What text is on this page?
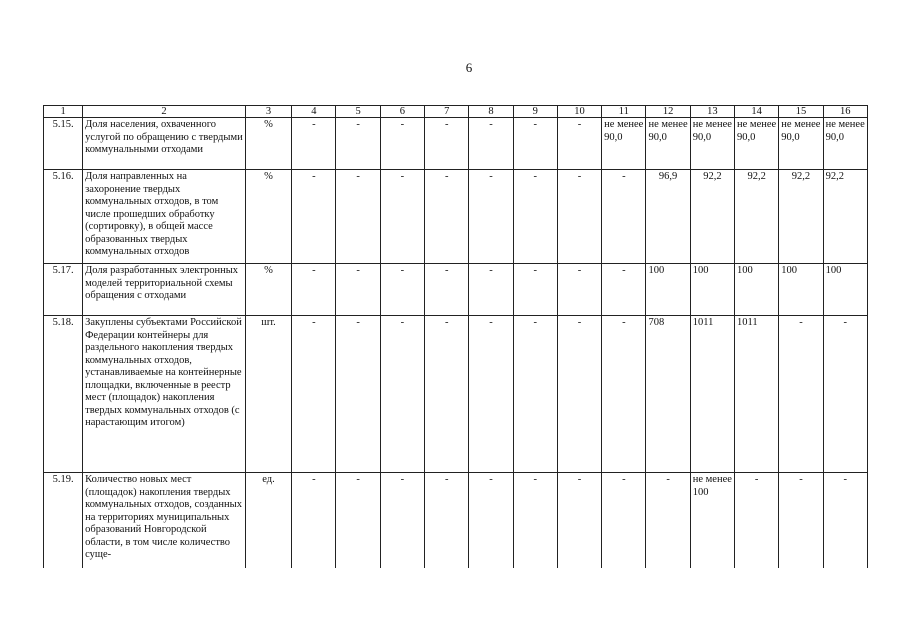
6
1	2	3	4	5	6	7	8	9	10	11	12	13	14	15	16
5.15.	Доля населения, охваченного услугой по обращению с твердыми коммунальными отходами	%	-	-	-	-	-	-	-	не менее 90,0	не менее 90,0	не менее 90,0	не менее 90,0	не менее 90,0	не менее 90,0
5.16.	Доля направленных на захоронение твердых коммунальных отходов, в том числе прошедших обработку (сортировку), в общей массе образованных твердых коммунальных отходов	%	-	-	-	-	-	-	-	-	96,9	92,2	92,2	92,2	92,2
5.17.	Доля разработанных электронных моделей территориальной схемы обращения с отходами	%	-	-	-	-	-	-	-	-	100	100	100	100	100
5.18.	Закуплены субъектами Российской Федерации контейнеры для раздельного накопления твердых коммунальных отходов, устанавливаемые на контейнерные площадки, включенные в реестр мест (площадок) накопления твердых коммунальных отходов (с нарастающим итогом)	шт.	-	-	-	-	-	-	-	-	708	1011	1011	-	-
5.19.	Количество новых мест (площадок) накопления твердых коммунальных отходов, созданных на территориях муниципальных образований Новгородской области, в том числе количество суще-	ед.	-	-	-	-	-	-	-	-	-	не менее 100	-	-	-
